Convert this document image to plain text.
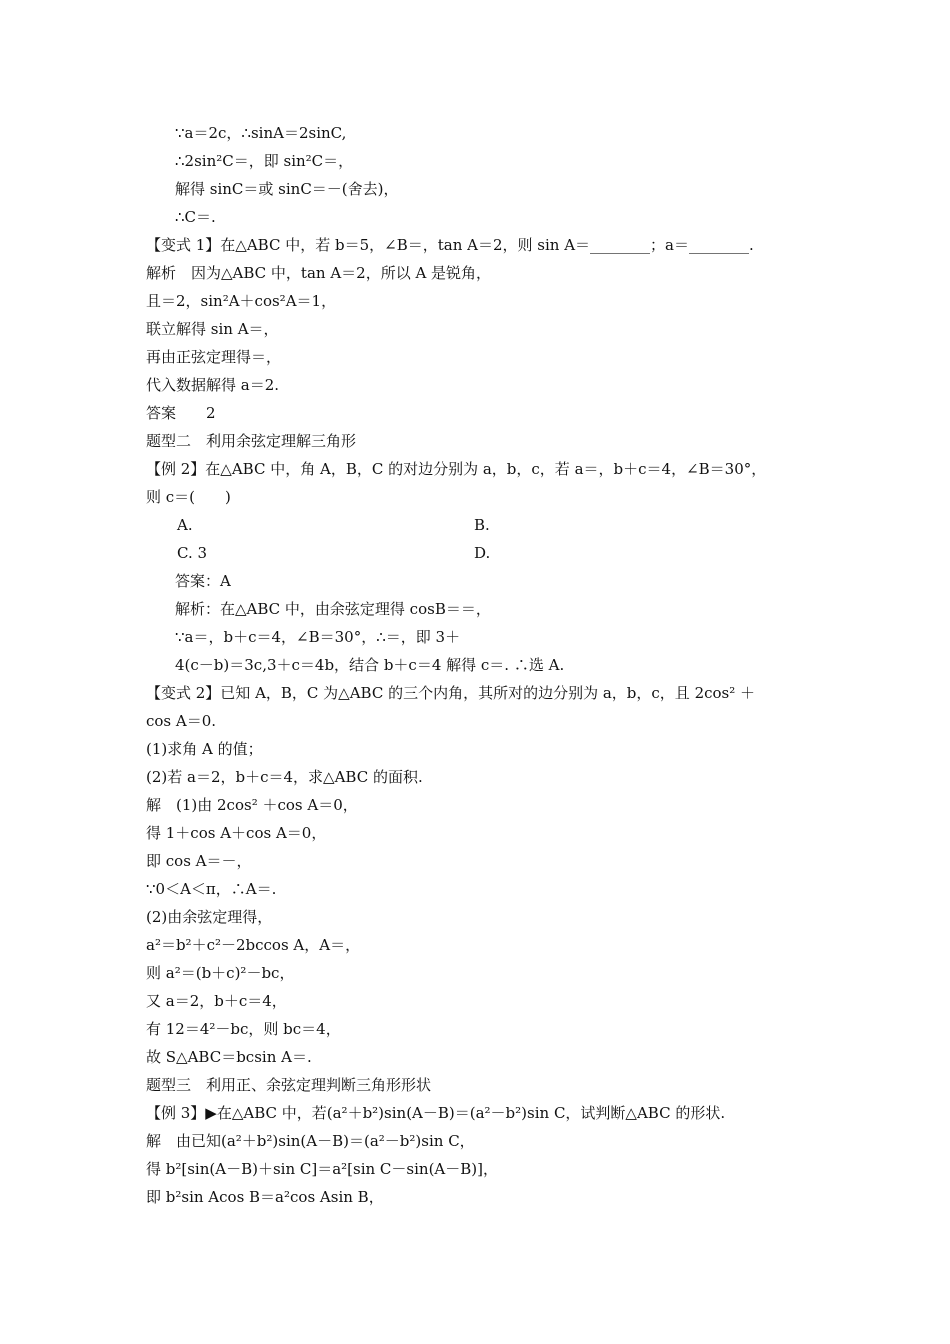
∵a＝2c，∴sinA＝2sinC,
∴2sin²C＝，即 sin²C＝，
解得 sinC＝或 sinC＝－(舍去)，
∴C＝.
【变式 1】在△ABC 中，若 b＝5，∠B＝，tan A＝2，则 sin A＝________；a＝________.
解析　因为△ABC 中，tan A＝2，所以 A 是锐角，
且＝2，sin²A＋cos²A＝1，
联立解得 sin A＝，
再由正弦定理得＝，
代入数据解得 a＝2.
答案　　2
题型二　利用余弦定理解三角形
【例 2】在△ABC 中，角 A，B，C 的对边分别为 a，b，c，若 a＝，b＋c＝4，∠B＝30°，
则 c＝(　　)
A.	B.
C. 3	D.
答案：A
解析：在△ABC 中，由余弦定理得 cosB＝＝，
∵a＝，b＋c＝4，∠B＝30°，∴＝，即 3＋
4(c－b)＝3c,3＋c＝4b，结合 b＋c＝4 解得 c＝. ∴选 A.
【变式 2】已知 A，B，C 为△ABC 的三个内角，其所对的边分别为 a，b，c，且 2cos² ＋
cos A＝0.
(1)求角 A 的值；
(2)若 a＝2，b＋c＝4，求△ABC 的面积.
解　(1)由 2cos² ＋cos A＝0，
得 1＋cos A＋cos A＝0，
即 cos A＝－，
∵0＜A＜π，∴A＝.
(2)由余弦定理得，
a²＝b²＋c²－2bccos A，A＝，
则 a²＝(b＋c)²－bc，
又 a＝2，b＋c＝4，
有 12＝4²－bc，则 bc＝4，
故 S△ABC＝bcsin A＝.
题型三　利用正、余弦定理判断三角形形状
【例 3】▶在△ABC 中，若(a²＋b²)sin(A－B)＝(a²－b²)sin C，试判断△ABC 的形状.
解　由已知(a²＋b²)sin(A－B)＝(a²－b²)sin C，
得 b²[sin(A－B)＋sin C]＝a²[sin C－sin(A－B)]，
即 b²sin Acos B＝a²cos Asin B，
